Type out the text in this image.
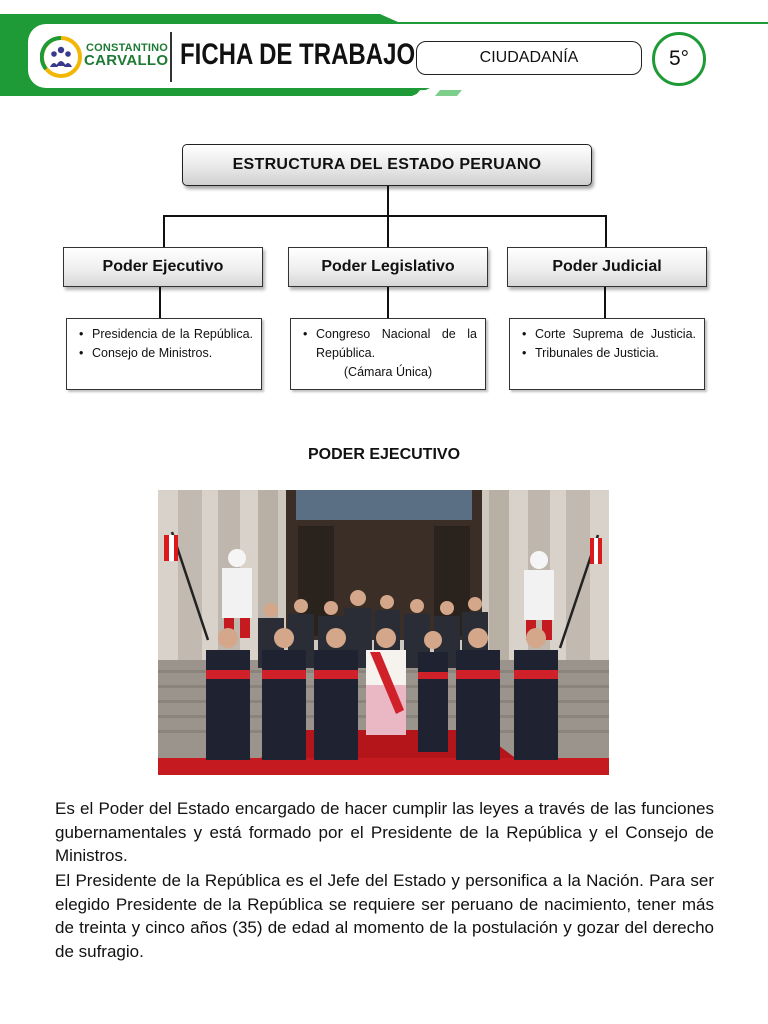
CONSTANTINO
CARVALLO FICHA DE TRABAJO	CIUDADANÍA	5°
ESTRUCTURA DEL ESTADO PERUANO
Poder Ejecutivo	Poder Legislativo	Poder Judicial
• Presidencia de la República.
• Consejo de Ministros.
• Congreso Nacional de la República.
(Cámara Única)
• Corte Suprema de Justicia.
• Tribunales de Justicia.
PODER EJECUTIVO

Es el Poder del Estado encargado de hacer cumplir las leyes a través de las funciones gubernamentales y está formado por el Presidente de la República y el Consejo de Ministros.

El Presidente de la República es el Jefe del Estado y personifica a la Nación. Para ser elegido Presidente de la República se requiere ser peruano de nacimiento, tener más de treinta y cinco años (35) de edad al momento de la postulación y gozar del derecho de sufragio.
